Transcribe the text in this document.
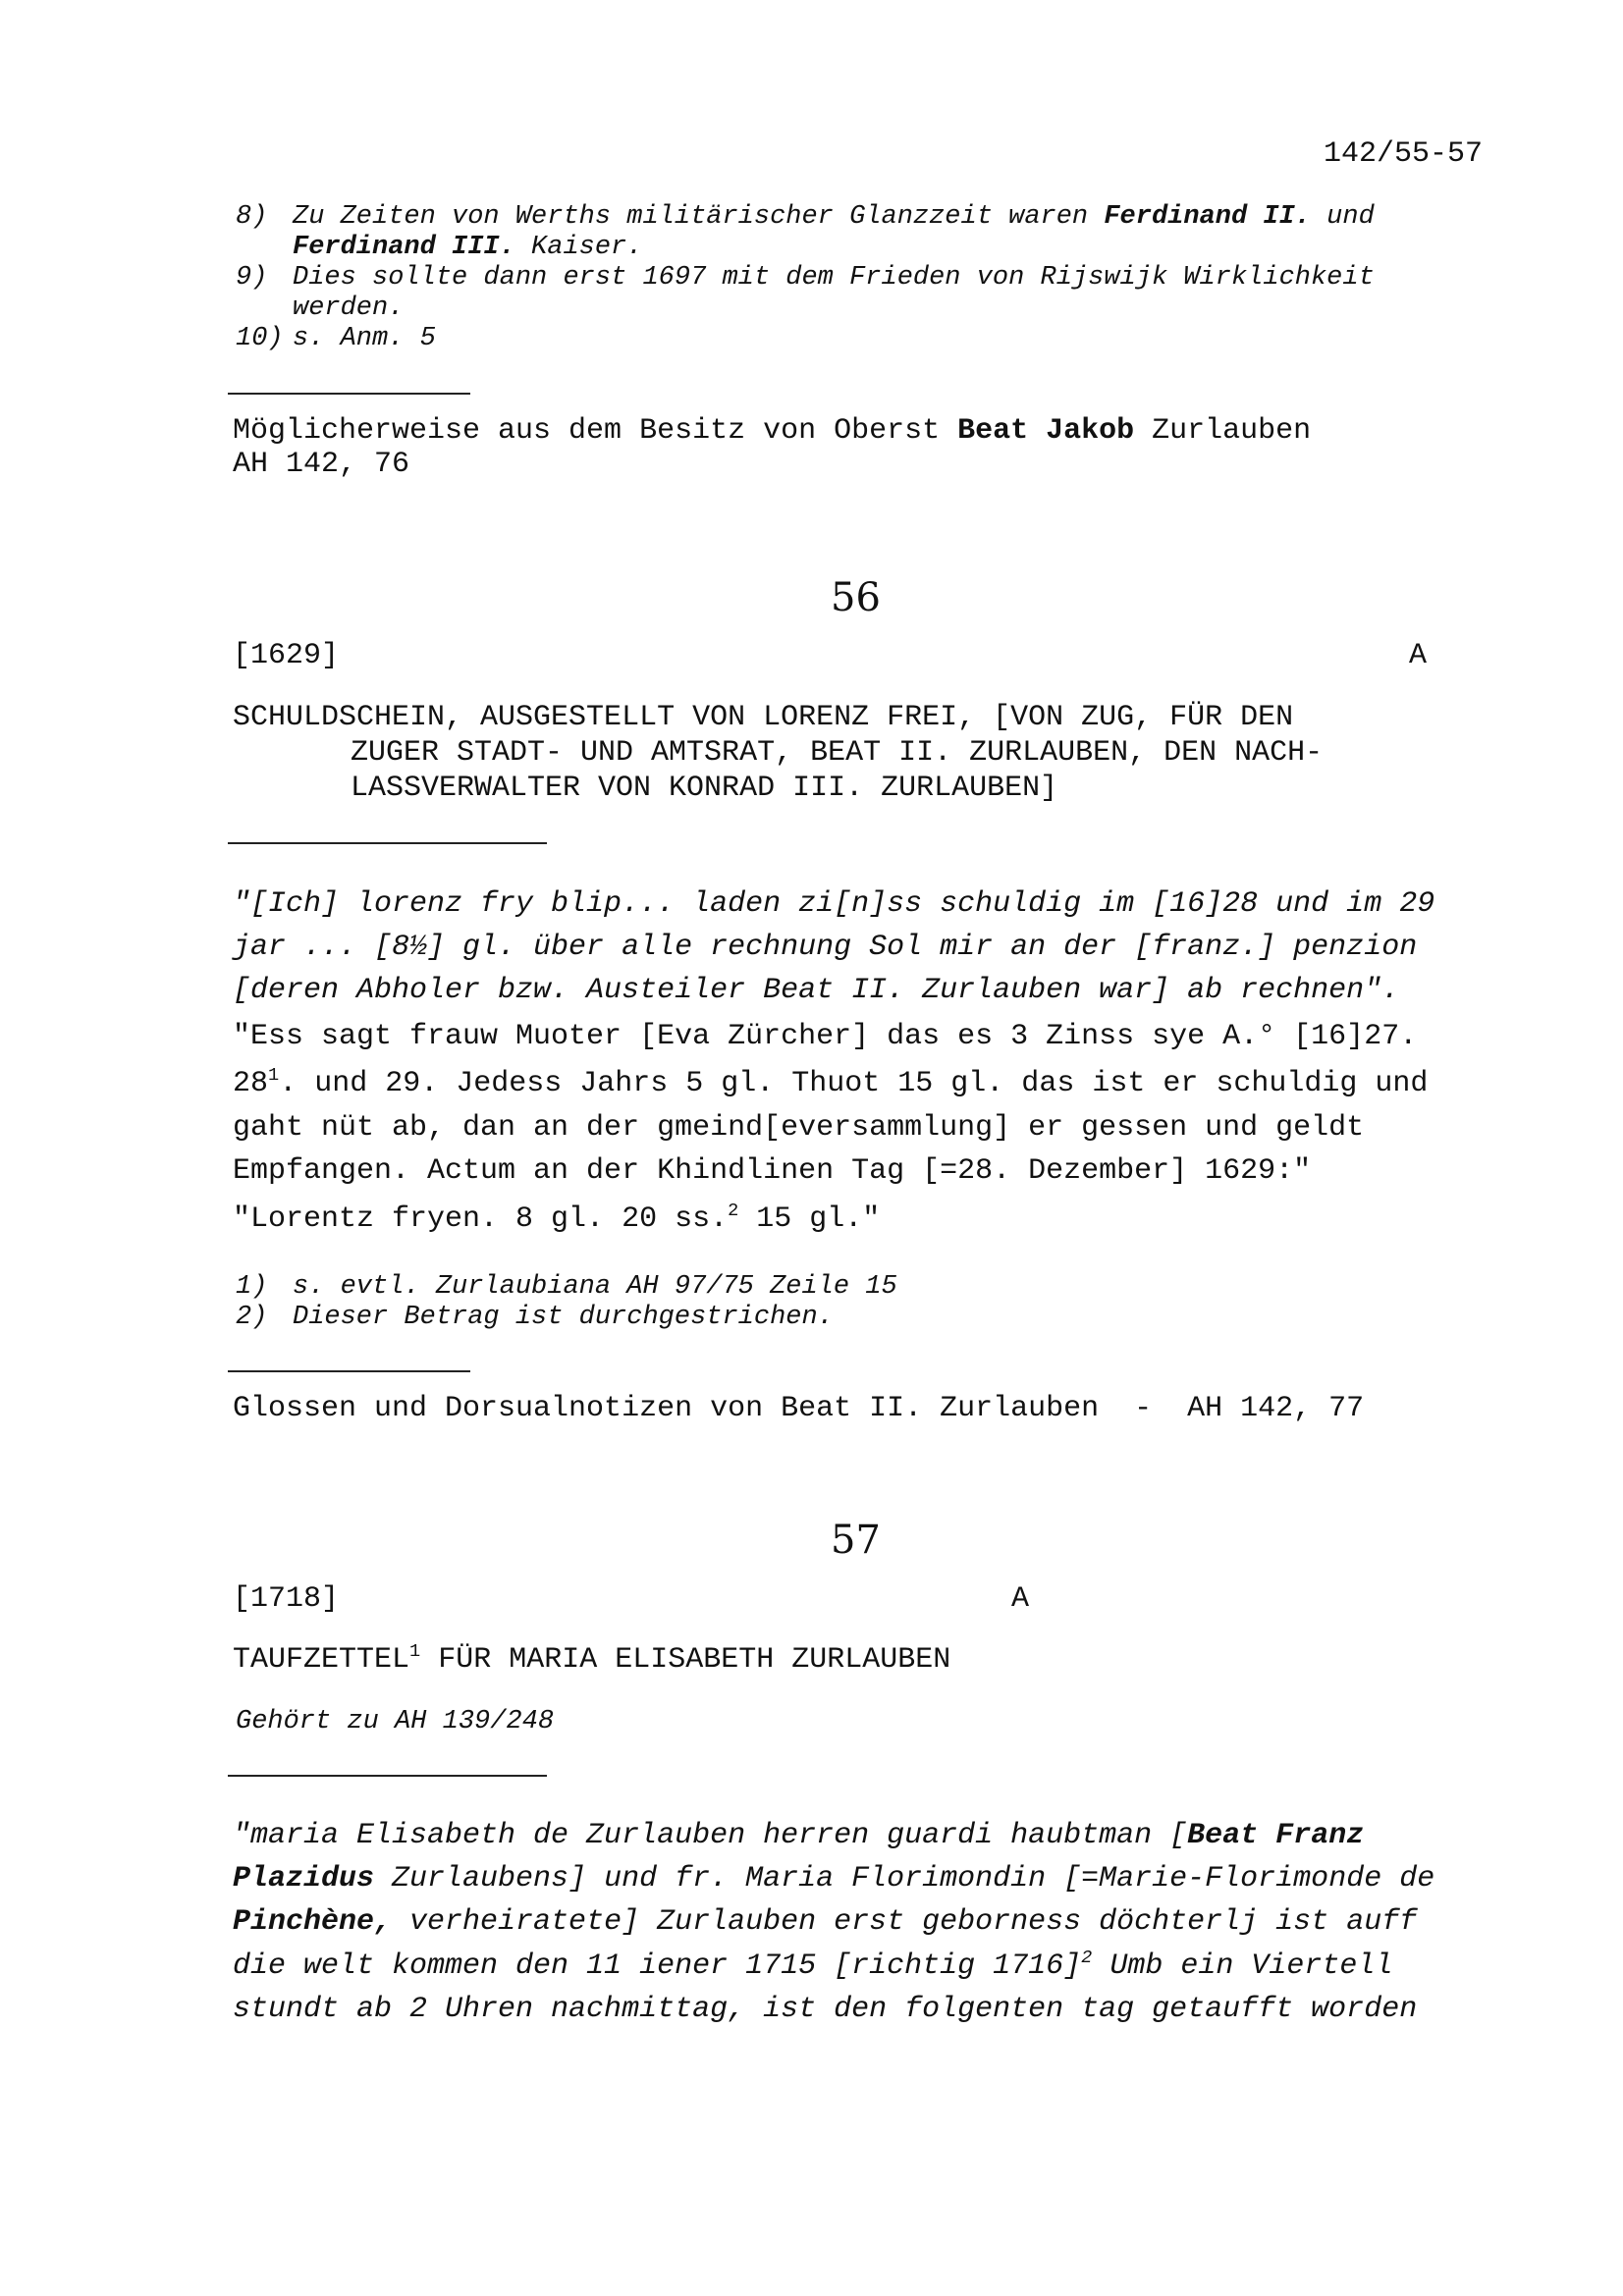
142/55-57
8) Zu Zeiten von Werths militärischer Glanzzeit waren Ferdinand II. und
Ferdinand III. Kaiser.
9) Dies sollte dann erst 1697 mit dem Frieden von Rijswijk Wirklichkeit
werden.
10) s. Anm. 5
Möglicherweise aus dem Besitz von Oberst Beat Jakob Zurlauben
AH 142, 76
56
[1629]	A
SCHULDSCHEIN, AUSGESTELLT VON LORENZ FREI, [VON ZUG, FÜR DEN
ZUGER STADT- UND AMTSRAT, BEAT II. ZURLAUBEN, DEN NACH-
LASSVERWALTER VON KONRAD III. ZURLAUBEN]
"[Ich] lorenz fry blip... laden zi[n]ss schuldig im [16]28 und im 29
jar ... [8½] gl. über alle rechnung Sol mir an der [franz.] penzion
[deren Abholer bzw. Austeiler Beat II. Zurlauben war] ab rechnen".
"Ess sagt frauw Muoter [Eva Zürcher] das es 3 Zinss sye A.° [16]27.
$28^1$. und 29. Jedess Jahrs 5 gl. Thuot 15 gl. das ist er schuldig und
gaht nüt ab, dan an der gmeind[eversammlung] er gessen und geldt
Empfangen. Actum an der Khindlinen Tag [=28. Dezember] 1629:"
"Lorentz fryen. 8 gl. 20 ss.$^2$ 15 gl."
1) s. evtl. Zurlaubiana AH 97/75 Zeile 15
2) Dieser Betrag ist durchgestrichen.
Glossen und Dorsualnotizen von Beat II. Zurlauben  -  AH 142, 77
57
[1718]	A
TAUFZETTEL$^1$ FÜR MARIA ELISABETH ZURLAUBEN
Gehört zu AH 139/248
"maria Elisabeth de Zurlauben herren guardi haubtman [Beat Franz
Plazidus Zurlaubens] und fr. Maria Florimondin [=Marie-Florimonde de
Pinchène, verheiratete] Zurlauben erst geborness döchterlj ist auff
die welt kommen den 11 iener 1715 [richtig 1716]$^2$ Umb ein Viertell
stundt ab 2 Uhren nachmittag, ist den folgenten tag getaufft worden
